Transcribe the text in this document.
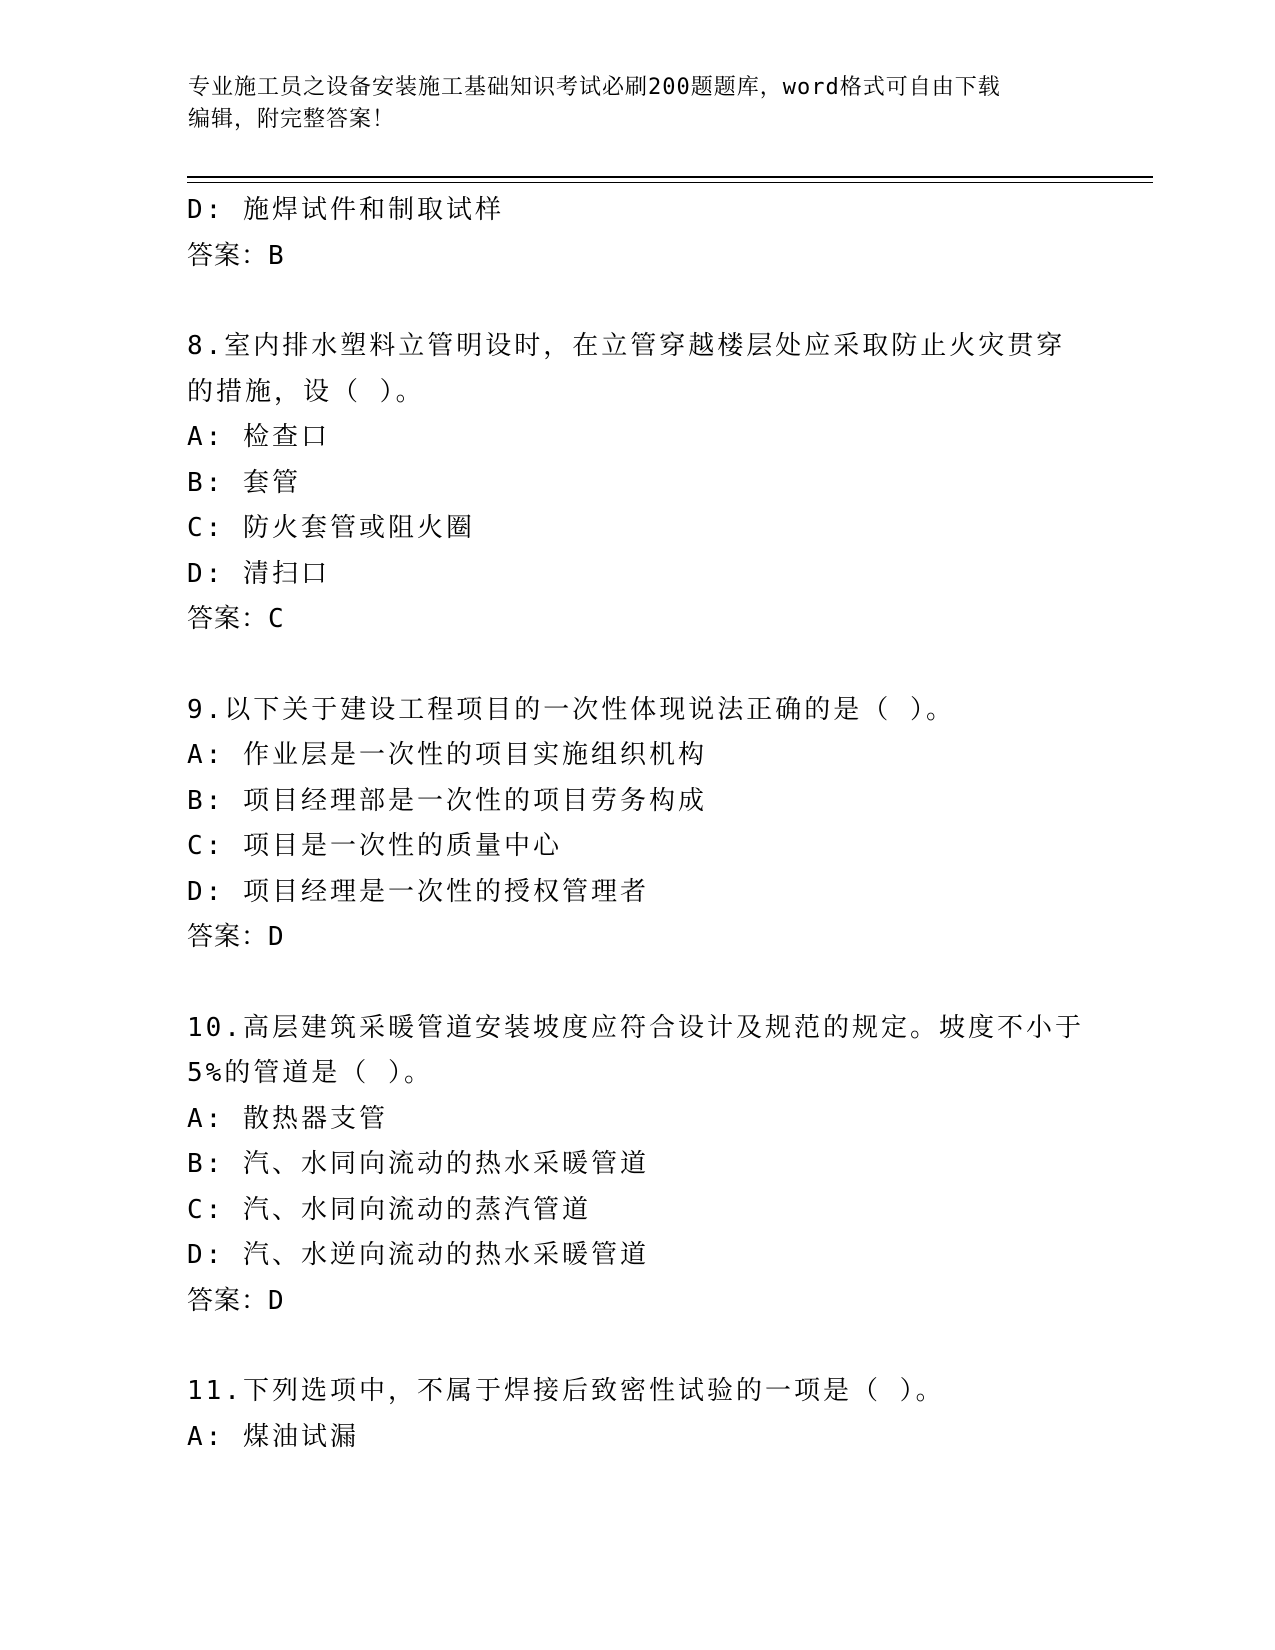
专业施工员之设备安装施工基础知识考试必刷200题题库，word格式可自由下载
编辑，附完整答案！
D: 施焊试件和制取试样
答案：B
8.室内排水塑料立管明设时，在立管穿越楼层处应采取防止火灾贯穿
的措施，设（ ）。
A: 检查口
B: 套管
C: 防火套管或阻火圈
D: 清扫口
答案：C
9.以下关于建设工程项目的一次性体现说法正确的是（ ）。
A: 作业层是一次性的项目实施组织机构
B: 项目经理部是一次性的项目劳务构成
C: 项目是一次性的质量中心
D: 项目经理是一次性的授权管理者
答案：D
10.高层建筑采暖管道安装坡度应符合设计及规范的规定。坡度不小于
5%的管道是（ ）。
A: 散热器支管
B: 汽、水同向流动的热水采暖管道
C: 汽、水同向流动的蒸汽管道
D: 汽、水逆向流动的热水采暖管道
答案：D
11.下列选项中，不属于焊接后致密性试验的一项是（ ）。
A: 煤油试漏
